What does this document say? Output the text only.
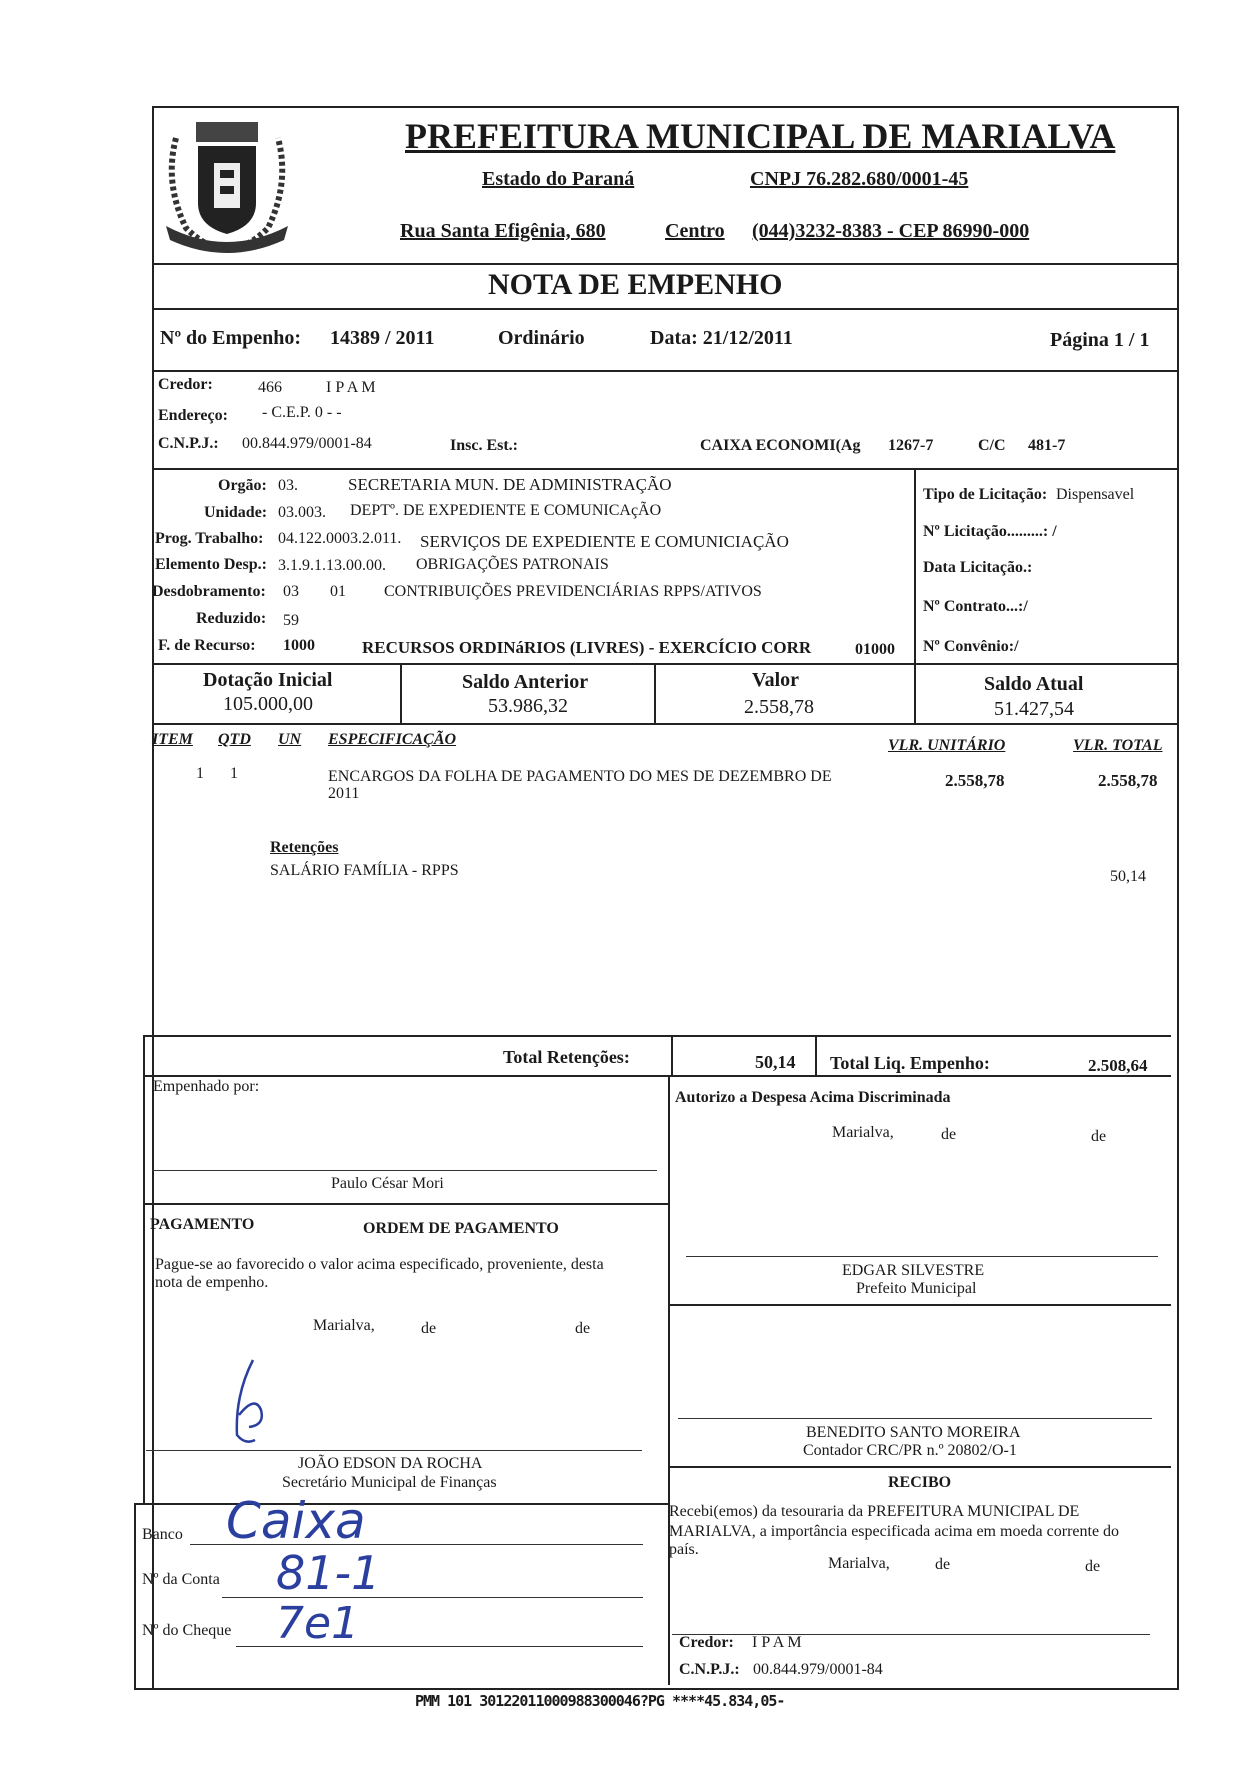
PREFEITURA MUNICIPAL DE MARIALVA
Estado do Paraná	CNPJ 76.282.680/0001-45
Rua Santa Efigênia, 680	Centro (044)3232-8383 - CEP 86990-000
NOTA DE EMPENHO
Nº do Empenho: 14389 / 2011	Ordinário	Data: 21/12/2011	Página 1 / 1
Credor:	466	I P A M
Endereço: - C.E.P. 0 - -
C.N.P.J.: 00.844.979/0001-84	Insc. Est.:	CAIXA ECONOMI(Ag 1267-7	C/C 481-7
Orgão: 03.	SECRETARIA MUN. DE ADMINISTRAÇÃO
Unidade: 03.003. DEPTº. DE EXPEDIENTE E COMUNICAçÃO
Prog. Trabalho: 04.122.0003.2.011. SERVIÇOS DE EXPEDIENTE E COMUNICIAÇÃO
Elemento Desp.: 3.1.9.1.13.00.00. OBRIGAÇÕES PATRONAIS
Desdobramento: 03 01 CONTRIBUIÇÕES PREVIDENCIÁRIAS RPPS/ATIVOS
Reduzido: 59
F. de Recurso: 1000	RECURSOS ORDINáRIOS (LIVRES) - EXERCÍCIO CORR	01000
Tipo de Licitação: Dispensavel
Nº Licitação.........: /
Data Licitação.:
Nº Contrato...:/
Nº Convênio:/
Dotação Inicial
105.000,00
Saldo Anterior
53.986,32
Valor
2.558,78
Saldo Atual
51.427,54
ITEM QTD UN ESPECIFICAÇÃO	VLR. UNITÁRIO	VLR. TOTAL
1 1	ENCARGOS DA FOLHA DE PAGAMENTO DO MES DE DEZEMBRO DE
2011
2.558,78	2.558,78
Retenções
SALÁRIO FAMÍLIA - RPPS	50,14
Total Retenções:	50,14 Total Liq. Empenho:	2.508,64
Empenhado por:
Paulo César Mori
PAGAMENTO	ORDEM DE PAGAMENTO
Pague-se ao favorecido o valor acima especificado, proveniente, desta
nota de empenho.
Marialva,	de	de
JOÃO EDSON DA ROCHA
Secretário Municipal de Finanças
Banco Caixa
Nº da Conta 81-1
Nº do Cheque 7e1
Autorizo a Despesa Acima Discriminada
Marialva,	de	de
EDGAR SILVESTRE
Prefeito Municipal
BENEDITO SANTO MOREIRA
Contador CRC/PR n.º 20802/O-1
RECIBO
Recebi(emos) da tesouraria da PREFEITURA MUNICIPAL DE
MARIALVA, a importância especificada acima em moeda corrente do
país.
Marialva,	de	de
Credor: I P A M
C.N.P.J.: 00.844.979/0001-84
PMM 101 30122011000988300046?PG ****45.834,05-
